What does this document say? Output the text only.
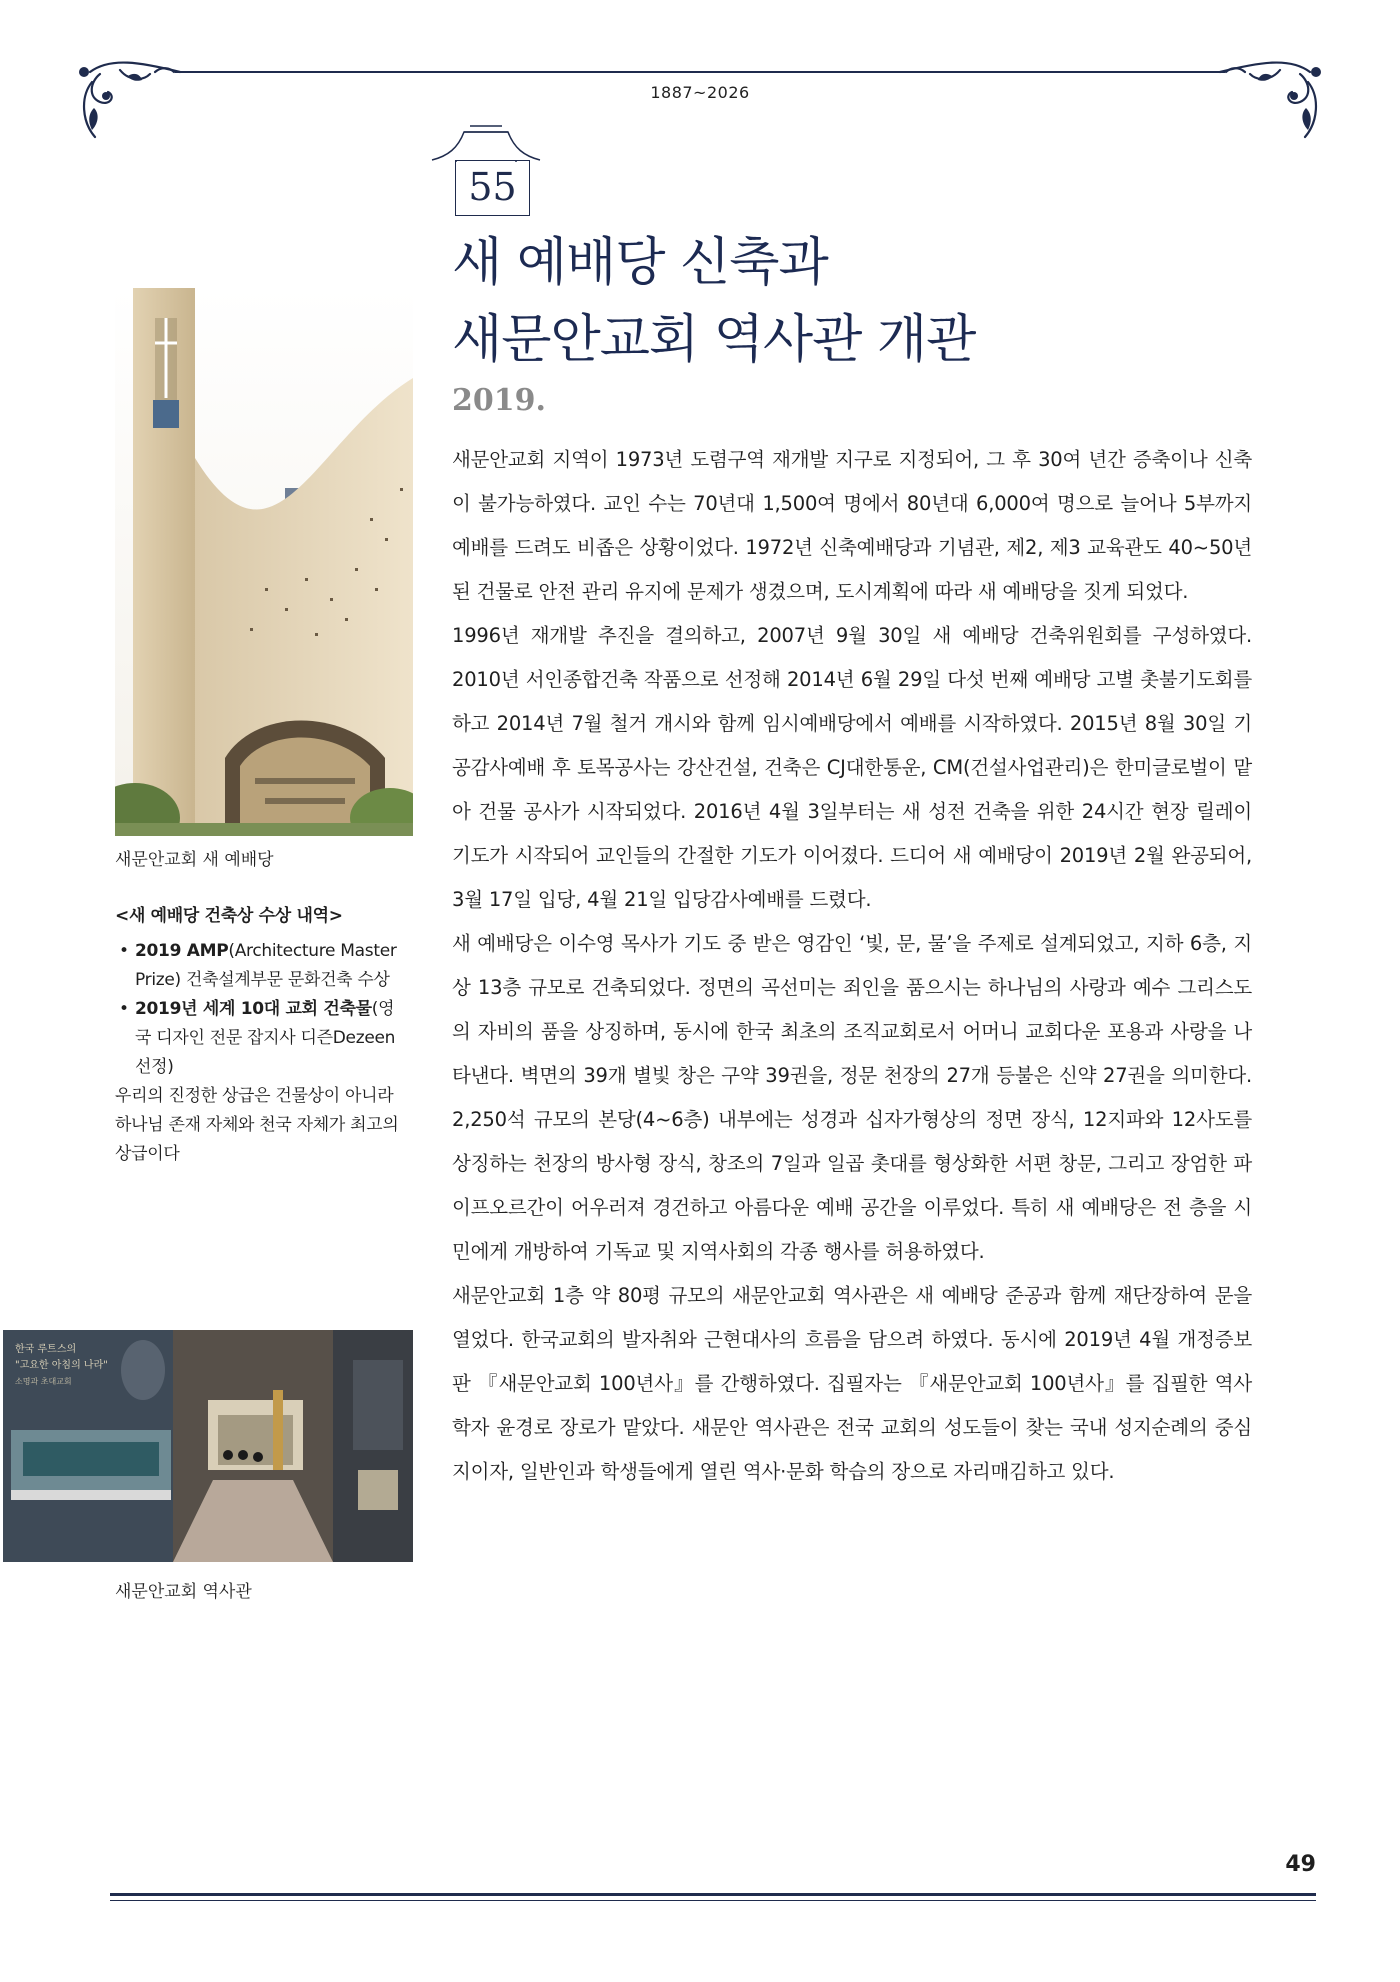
1887~2026
55
새 예배당 신축과
새문안교회 역사관 개관
2019.

새문안교회 지역이 1973년 도렴구역 재개발 지구로 지정되어, 그 후 30여 년간 증축이나 신축이 불가능하였다. 교인 수는 70년대 1,500여 명에서 80년대 6,000여 명으로 늘어나 5부까지 예배를 드려도 비좁은 상황이었다. 1972년 신축예배당과 기념관, 제2, 제3 교육관도 40~50년 된 건물로 안전 관리 유지에 문제가 생겼으며, 도시계획에 따라 새 예배당을 짓게 되었다.

1996년 재개발 추진을 결의하고, 2007년 9월 30일 새 예배당 건축위원회를 구성하였다. 2010년 서인종합건축 작품으로 선정해 2014년 6월 29일 다섯 번째 예배당 고별 촛불기도회를 하고 2014년 7월 철거 개시와 함께 임시예배당에서 예배를 시작하였다. 2015년 8월 30일 기공감사예배 후 토목공사는 강산건설, 건축은 CJ대한통운, CM(건설사업관리)은 한미글로벌이 맡아 건물 공사가 시작되었다. 2016년 4월 3일부터는 새 성전 건축을 위한 24시간 현장 릴레이 기도가 시작되어 교인들의 간절한 기도가 이어졌다. 드디어 새 예배당이 2019년 2월 완공되어, 3월 17일 입당, 4월 21일 입당감사예배를 드렸다.

새 예배당은 이수영 목사가 기도 중 받은 영감인 ‘빛, 문, 물’을 주제로 설계되었고, 지하 6층, 지상 13층 규모로 건축되었다. 정면의 곡선미는 죄인을 품으시는 하나님의 사랑과 예수 그리스도의 자비의 품을 상징하며, 동시에 한국 최초의 조직교회로서 어머니 교회다운 포용과 사랑을 나타낸다. 벽면의 39개 별빛 창은 구약 39권을, 정문 천장의 27개 등불은 신약 27권을 의미한다. 2,250석 규모의 본당(4~6층) 내부에는 성경과 십자가형상의 정면 장식, 12지파와 12사도를 상징하는 천장의 방사형 장식, 창조의 7일과 일곱 촛대를 형상화한 서편 창문, 그리고 장엄한 파이프오르간이 어우러져 경건하고 아름다운 예배 공간을 이루었다. 특히 새 예배당은 전 층을 시민에게 개방하여 기독교 및 지역사회의 각종 행사를 허용하였다.

새문안교회 1층 약 80평 규모의 새문안교회 역사관은 새 예배당 준공과 함께 재단장하여 문을 열었다. 한국교회의 발자취와 근현대사의 흐름을 담으려 하였다. 동시에 2019년 4월 개정증보판 『새문안교회 100년사』를 간행하였다. 집필자는 『새문안교회 100년사』를 집필한 역사학자 윤경로 장로가 맡았다. 새문안 역사관은 전국 교회의 성도들이 찾는 국내 성지순례의 중심지이자, 일반인과 학생들에게 열린 역사·문화 학습의 장으로 자리매김하고 있다.

새문안교회 새 예배당
<새 예배당 건축상 수상 내역>
• 2019 AMP(Architecture Master Prize) 건축설계부문 문화건축 수상
• 2019년 세계 10대 교회 건축물(영국 디자인 전문 잡지사 디즌Dezeen 선정)
우리의 진정한 상급은 건물상이 아니라 하나님 존재 자체와 천국 자체가 최고의 상급이다
한국 루트스의
"고요한 아침의 나라"
소명과 초대교회
새문안교회 역사관
49
